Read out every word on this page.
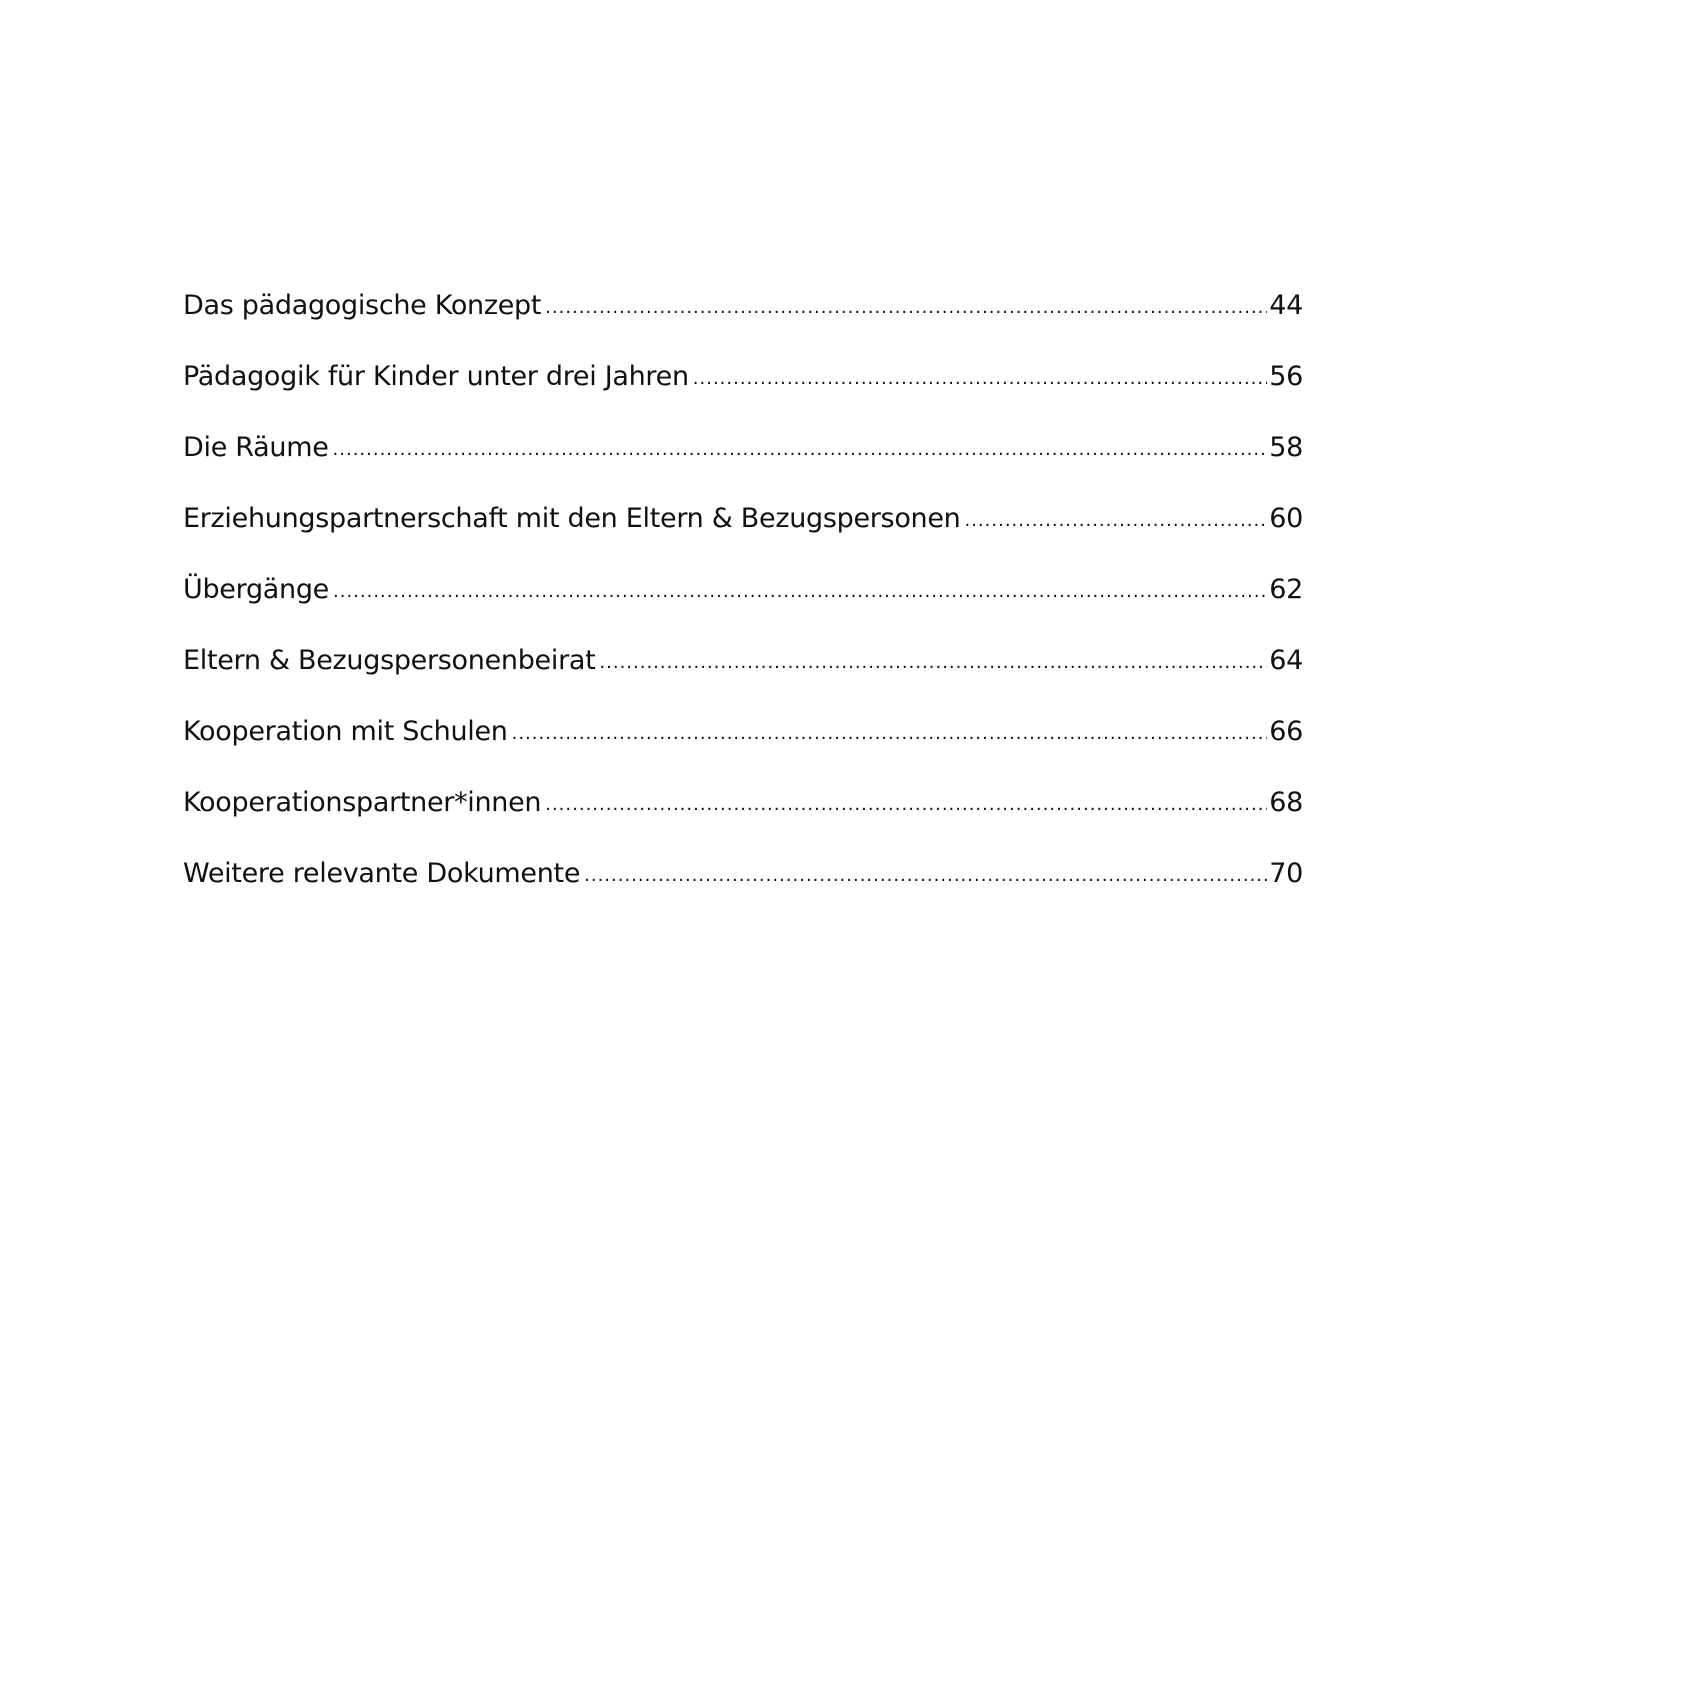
Das pädagogische Konzept .....	44
Pädagogik für Kinder unter drei Jahren .....	56
Die Räume .....	58
Erziehungspartnerschaft mit den Eltern & Bezugspersonen .....	60
Übergänge .....	62
Eltern & Bezugspersonenbeirat .....	64
Kooperation mit Schulen .....	66
Kooperationspartner*innen .....	68
Weitere relevante Dokumente .....	70
